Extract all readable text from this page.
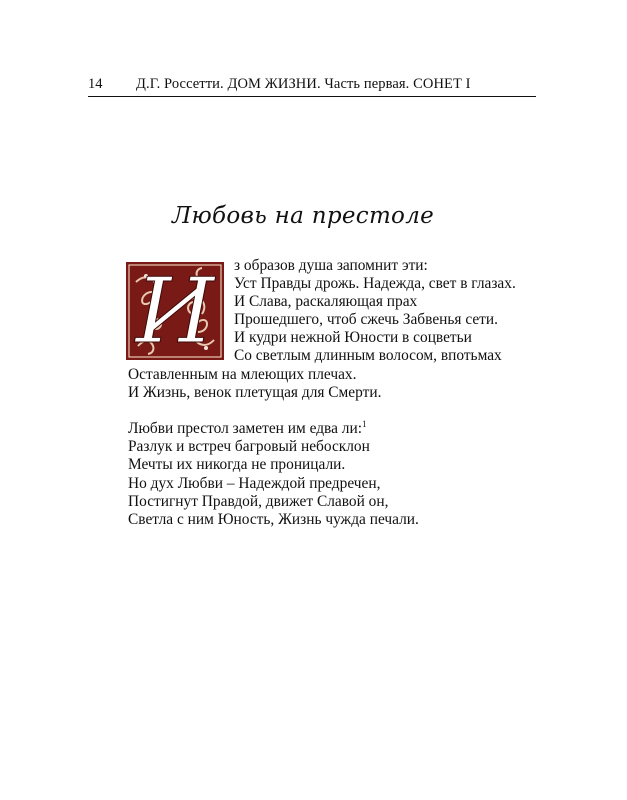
14 Д.Г. Россетти. ДОМ ЖИЗНИ. Часть первая. СОНЕТ I
Любовь на престоле
И з образов душа запомнит эти:
Уст Правды дрожь. Надежда, свет в глазах.
И Слава, раскаляющая прах
Прошедшего, чтоб сжечь Забвенья сети.
И кудри нежной Юности в соцветьи
Со светлым длинным волосом, впотьмах
Оставленным на млеющих плечах.
И Жизнь, венок плетущая для Смерти.
Любви престол заметен им едва ли:$^1$
Разлук и встреч багровый небосклон
Мечты их никогда не проницали.
Но дух Любви – Надеждой предречен,
Постигнут Правдой, движет Славой он,
Светла с ним Юность, Жизнь чужда печали.
